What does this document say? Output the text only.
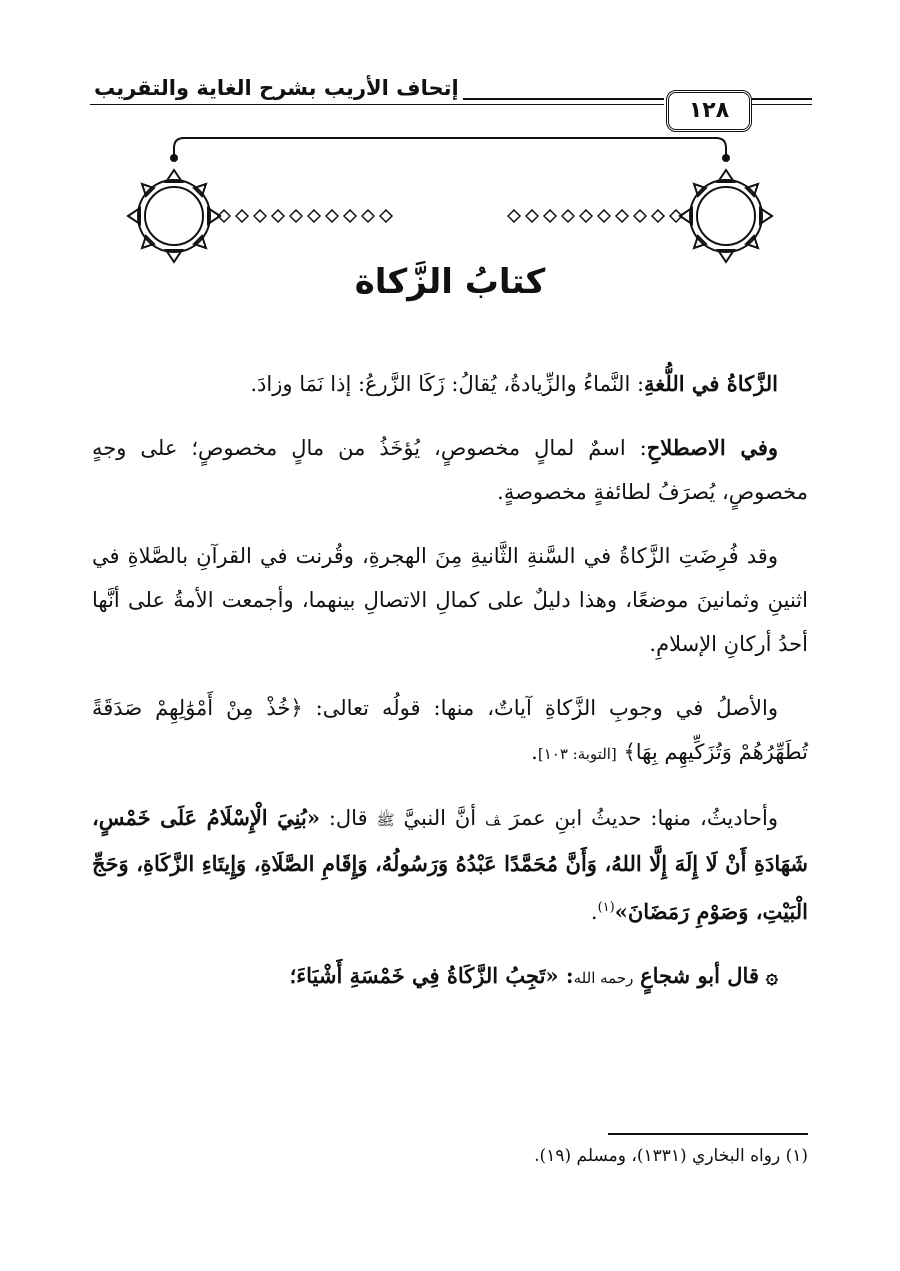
إتحاف الأريب بشرح الغاية والتقريب
١٢٨
كتابُ الزَّكاة

الزَّكاةُ في اللُّغةِ: النَّماءُ والزِّيادةُ، يُقالُ: زَكَا الزَّرعُ: إذا نَمَا وزادَ.

وفي الاصطلاحِ: اسمٌ لمالٍ مخصوصٍ، يُؤخَذُ من مالٍ مخصوصٍ؛ على وجهٍ مخصوصٍ، يُصرَفُ لطائفةٍ مخصوصةٍ.

وقد فُرِضَتِ الزَّكاةُ في السَّنةِ الثَّانيةِ مِنَ الهجرةِ، وقُرنت في القرآنِ بالصَّلاةِ في اثنينِ وثمانينَ موضعًا، وهذا دليلٌ على كمالِ الاتصالِ بينهما، وأجمعت الأمةُ على أنَّها أحدُ أركانِ الإسلامِ.

والأصلُ في وجوبِ الزَّكاةِ آياتٌ، منها: قولُه تعالى: ﴿خُذْ مِنْ أَمْوَٰلِهِمْ صَدَقَةً تُطَهِّرُهُمْ وَتُزَكِّيهِم بِهَا﴾ [التوبة: ١٠٣].

وأحاديثُ، منها: حديثُ ابنِ عمرَ ﭫ أنَّ النبيَّ ﷺ قال: «بُنِيَ الْإِسْلَامُ عَلَى خَمْسٍ، شَهَادَةِ أَنْ لَا إِلَهَ إِلَّا اللهُ، وَأَنَّ مُحَمَّدًا عَبْدُهُ وَرَسُولُهُ، وَإِقَامِ الصَّلَاةِ، وَإِيتَاءِ الزَّكَاةِ، وَحَجِّ الْبَيْتِ، وَصَوْمِ رَمَضَانَ»$^{(١)}$.

۞ قال أبو شجاعٍ رحمه الله: «تَجِبُ الزَّكَاةُ فِي خَمْسَةِ أَشْيَاءَ؛

(١) رواه البخاري (١٣٣١)، ومسلم (١٩).
